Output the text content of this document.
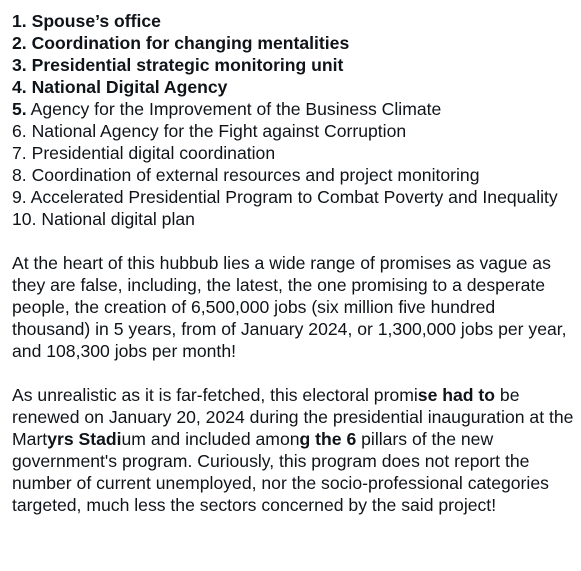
1. Spouse’s office
2. Coordination for changing mentalities
3. Presidential strategic monitoring unit
4. National Digital Agency
5. Agency for the Improvement of the Business Climate
6. National Agency for the Fight against Corruption
7. Presidential digital coordination
8. Coordination of external resources and project monitoring
9. Accelerated Presidential Program to Combat Poverty and Inequality
10. National digital plan

At the heart of this hubbub lies a wide range of promises as vague as they are false, including, the latest, the one promising to a desperate people, the creation of 6,500,000 jobs (six million five hundred thousand) in 5 years, from of January 2024, or 1,300,000 jobs per year, and 108,300 jobs per month!

As unrealistic as it is far-fetched, this electoral promise had to be renewed on January 20, 2024 during the presidential inauguration at the Martyrs Stadium and included among the 6 pillars of the new government's program. Curiously, this program does not report the number of current unemployed, nor the socio-professional categories targeted, much less the sectors concerned by the said project!
